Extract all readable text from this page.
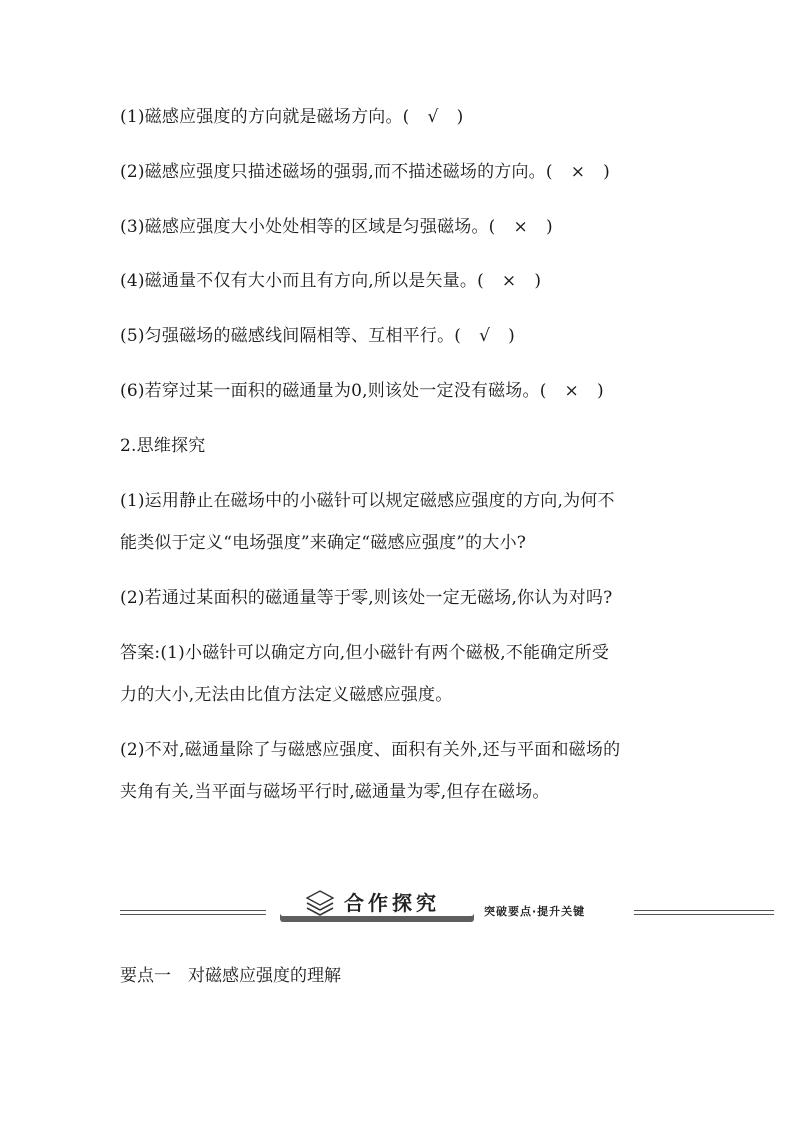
(1)磁感应强度的方向就是磁场方向。( √ )
(2)磁感应强度只描述磁场的强弱,而不描述磁场的方向。( × )
(3)磁感应强度大小处处相等的区域是匀强磁场。( × )
(4)磁通量不仅有大小而且有方向,所以是矢量。( × )
(5)匀强磁场的磁感线间隔相等、互相平行。( √ )
(6)若穿过某一面积的磁通量为0,则该处一定没有磁场。( × )
2.思维探究
(1)运用静止在磁场中的小磁针可以规定磁感应强度的方向,为何不
能类似于定义“电场强度”来确定“磁感应强度”的大小?
(2)若通过某面积的磁通量等于零,则该处一定无磁场,你认为对吗?
答案:(1)小磁针可以确定方向,但小磁针有两个磁极,不能确定所受
力的大小,无法由比值方法定义磁感应强度。
(2)不对,磁通量除了与磁感应强度、面积有关外,还与平面和磁场的
夹角有关,当平面与磁场平行时,磁通量为零,但存在磁场。
合作探究	突破要点·提升关键
要点一　对磁感应强度的理解
